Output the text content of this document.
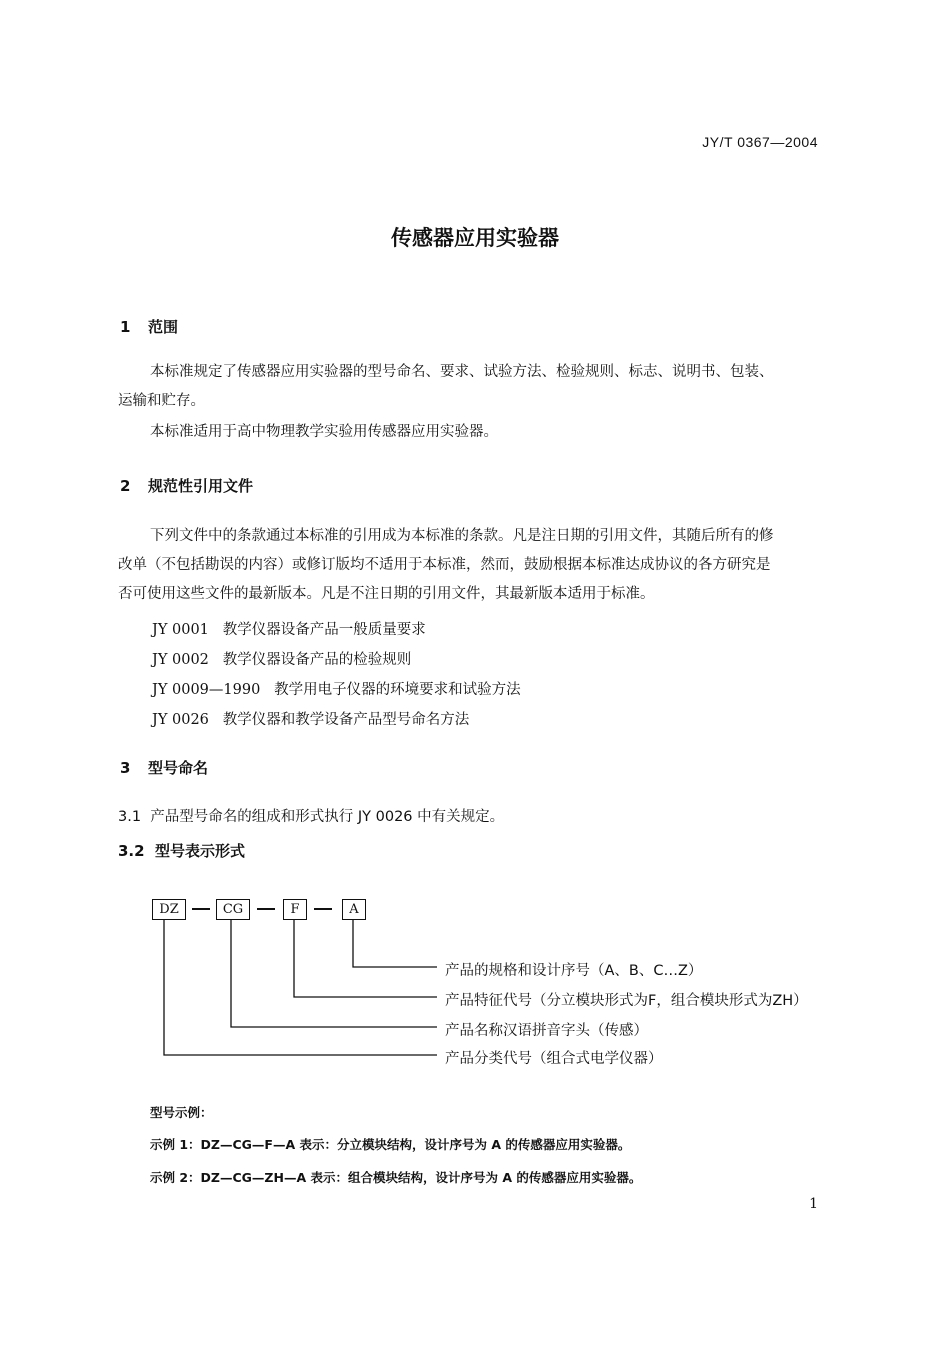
JY/T 0367—2004
传感器应用实验器
1 范围
本标准规定了传感器应用实验器的型号命名、要求、试验方法、检验规则、标志、说明书、包装、
运输和贮存。
本标准适用于高中物理教学实验用传感器应用实验器。
2 规范性引用文件
下列文件中的条款通过本标准的引用成为本标准的条款。凡是注日期的引用文件，其随后所有的修
改单（不包括勘误的内容）或修订版均不适用于本标准，然而，鼓励根据本标准达成协议的各方研究是
否可使用这些文件的最新版本。凡是不注日期的引用文件，其最新版本适用于标准。
JY 0001 教学仪器设备产品一般质量要求
JY 0002 教学仪器设备产品的检验规则
JY 0009—1990 教学用电子仪器的环境要求和试验方法
JY 0026 教学仪器和教学设备产品型号命名方法
3 型号命名
3.1 产品型号命名的组成和形式执行 JY 0026 中有关规定。
3.2 型号表示形式
DZ	CG	F	A
产品的规格和设计序号（A、B、C…Z）
产品特征代号（分立模块形式为F，组合模块形式为ZH）
产品名称汉语拼音字头（传感）
产品分类代号（组合式电学仪器）
型号示例：
示例 1：DZ—CG—F—A 表示：分立模块结构，设计序号为 A 的传感器应用实验器。
示例 2：DZ—CG—ZH—A 表示：组合模块结构，设计序号为 A 的传感器应用实验器。
1
